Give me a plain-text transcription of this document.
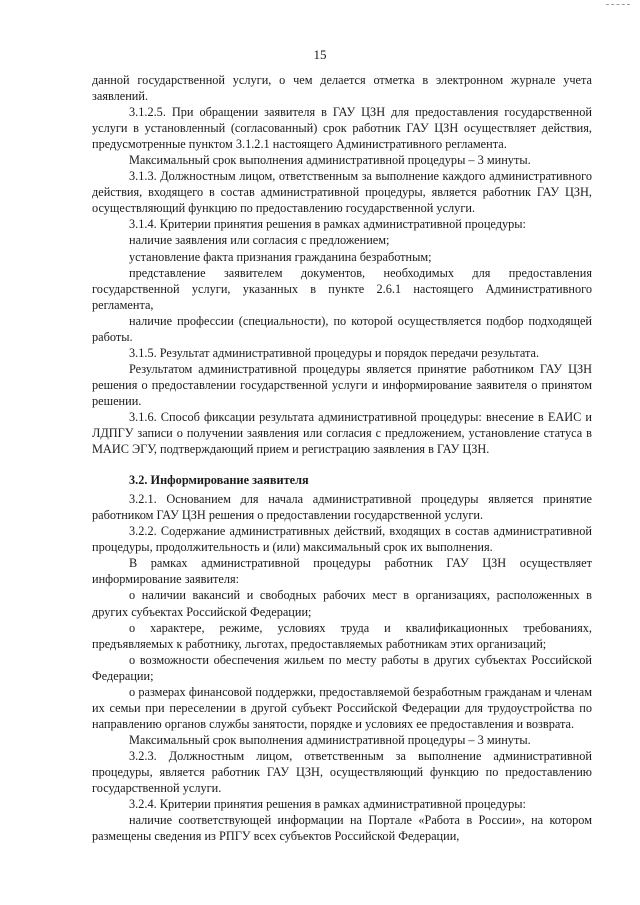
15

данной государственной услуги, о чем делается отметка в электронном журнале учета заявлений.

3.1.2.5. При обращении заявителя в ГАУ ЦЗН для предоставления государственной услуги в установленный (согласованный) срок работник ГАУ ЦЗН осуществляет действия, предусмотренные пунктом 3.1.2.1 настоящего Административного регламента.

Максимальный срок выполнения административной процедуры – 3 минуты.

3.1.3. Должностным лицом, ответственным за выполнение каждого административного действия, входящего в состав административной процедуры, является работник ГАУ ЦЗН, осуществляющий функцию по предоставлению государственной услуги.

3.1.4. Критерии принятия решения в рамках административной процедуры:

наличие заявления или согласия с предложением;

установление факта признания гражданина безработным;

представление заявителем документов, необходимых для предоставления государственной услуги, указанных в пункте 2.6.1 настоящего Административного регламента,

наличие профессии (специальности), по которой осуществляется подбор подходящей работы.

3.1.5. Результат административной процедуры и порядок передачи результата.

Результатом административной процедуры является принятие работником ГАУ ЦЗН решения о предоставлении государственной услуги и информирование заявителя о принятом решении.

3.1.6. Способ фиксации результата административной процедуры: внесение в ЕАИС и ЛДПГУ записи о получении заявления или согласия с предложением, установление статуса в МАИС ЭГУ, подтверждающий прием и регистрацию заявления в ГАУ ЦЗН.

3.2. Информирование заявителя

3.2.1. Основанием для начала административной процедуры является принятие работником ГАУ ЦЗН решения о предоставлении государственной услуги.

3.2.2. Содержание административных действий, входящих в состав административной процедуры, продолжительность и (или) максимальный срок их выполнения.

В рамках административной процедуры работник ГАУ ЦЗН осуществляет информирование заявителя:

о наличии вакансий и свободных рабочих мест в организациях, расположенных в других субъектах Российской Федерации;

о характере, режиме, условиях труда и квалификационных требованиях, предъявляемых к работнику, льготах, предоставляемых работникам этих организаций;

о возможности обеспечения жильем по месту работы в других субъектах Российской Федерации;

о размерах финансовой поддержки, предоставляемой безработным гражданам и членам их семьи при переселении в другой субъект Российской Федерации для трудоустройства по направлению органов службы занятости, порядке и условиях ее предоставления и возврата.

Максимальный срок выполнения административной процедуры – 3 минуты.

3.2.3. Должностным лицом, ответственным за выполнение административной процедуры, является работник ГАУ ЦЗН, осуществляющий функцию по предоставлению государственной услуги.

3.2.4. Критерии принятия решения в рамках административной процедуры:

наличие соответствующей информации на Портале «Работа в России», на котором размещены сведения из РПГУ всех субъектов Российской Федерации,
